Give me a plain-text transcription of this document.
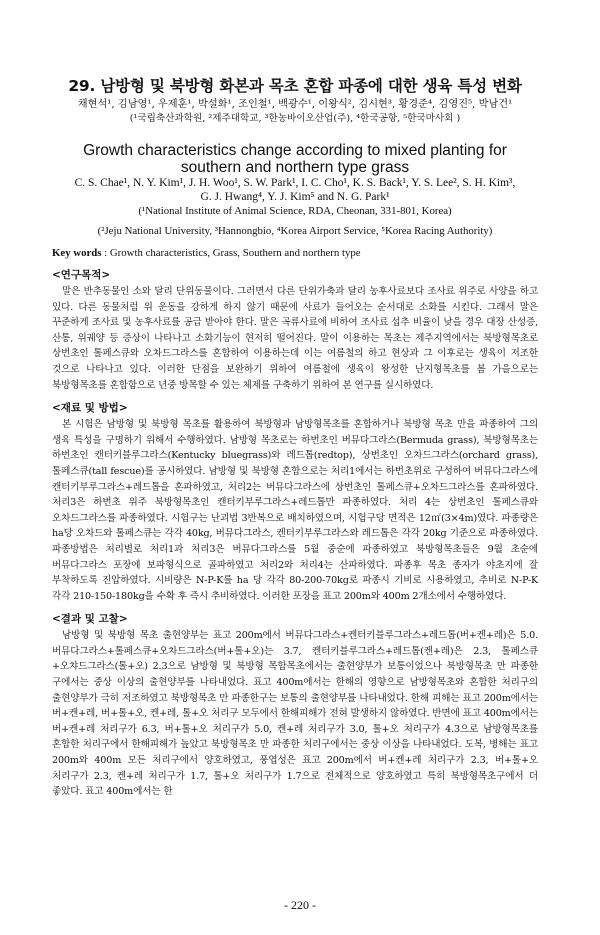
29. 남방형 및 북방형 화본과 목초 혼합 파종에 대한 생육 특성 변화
채현석¹, 김남영¹, 우제훈¹, 박설화¹, 조인철¹, 백광수¹, 이왕식², 김시현³, 황경준⁴, 김영진⁵, 박남건¹
(¹국립축산과학원, ²제주대학교, ³한농바이오산업(주), ⁴한국공항, ⁵한국마사회 )
Growth characteristics change according to mixed planting for
southern and northern type grass
C. S. Chae¹, N. Y. Kim¹, J. H. Woo¹, S. W. Park¹, I. C. Cho¹, K. S. Back¹, Y. S. Lee², S. H. Kim³,
G. J. Hwang⁴, Y. J. Kim⁵ and N. G. Park¹
(¹National Institute of Animal Science, RDA, Cheonan, 331-801, Korea)
(²Jeju National University, ³Hannongbio, ⁴Korea Airport Service, ⁵Korea Racing Authority)
Key words : Growth characteristics, Grass, Southern and northern type
<연구목적>

말은 반추동물인 소와 달리 단위동물이다. 그러면서 다른 단위가축과 달리 농후사료보다 조사료 위주로 사양을 하고 있다. 다른 동물처럼 위 운동을 강하게 하지 않기 때문에 사료가 들어오는 순서대로 소화를 시킨다. 그래서 말은 꾸준하게 조사료 및 농후사료를 공급 받아야 한다. 말은 곡류사료에 비하여 조사료 섭추 비율이 낮을 경우 대장 산성증, 산통, 위궤양 등 증상이 나타나고 소화기능이 현저히 떨어진다. 말이 이용하는 목초는 제주지역에서는 북방형목초로 상번초인 톨페스큐와 오차드그라스를 혼합하여 이용하는데 이는 여름철의 하고 현상과 그 이후로는 생육이 저조한 것으로 나타나고 있다. 이러한 단점을 보완하기 위하여 여름철에 생육이 왕성한 난지형목초를 봄 가을으로는 북방형목초를 혼합함으로 년중 방목할 수 있는 체제를 구축하기 위하여 본 연구를 실시하였다.

<재료 및 방법>

본 시험은 남방형 및 북방형 목초를 활용하여 북방형과 남방형목초를 혼합하거나 북방형 목초 만을 파종하여 그의 생육 특성을 구명하기 위해서 수행하였다. 남방형 목초로는 하번초인 버뮤다그라스(Bermuda grass), 북방형목초는 하번초인 캔터키블루그라스(Kentucky bluegrass)와 레드톱(redtop), 상번초인 오차드그라스(orchard grass), 톨페스큐(tall fescue)를 공시하였다. 남방형 및 북방형 혼합으로는 처리1에서는 하번초위로 구성하여 버뮤다그라스에 캔터키부루그라스+레드톱을 혼파하였고, 처리2는 버뮤다그라스에 상번초인 톨페스큐+오차드그라스를 혼파하였다. 처리3은 하번초 위주 북방형목초인 캔터키부루그라스+레드톱만 파종하였다. 처리 4는 상번초인 톨페스큐와 오차드그라스를 파종하였다. 시험구는 난괴법 3반복으로 배치하였으며, 시험구당 면적은 12㎡(3×4m)였다. 파종량은 ha당 오차드와 톨페스큐는 각각 40kg, 버뮤다그라스, 켄터키부루그라스와 레드톱은 각각 20kg 기준으로 파종하였다. 파종방법은 처리별로 처리1과 처리3은 버뮤다그라스를 5월 중순에 파종하였고 북방형목초들은 9월 초순에 버뮤다그라스 포장에 보파형식으로 골파하였고 처리2와 처리4는 산파하였다. 파종후 목초 종자가 야초지에 잘 부착하도록 진압하였다. 시비량은 N-P-K를 ha 당 각각 80-200-70kg로 파종시 기비로 시용하였고, 추비로 N-P-K 각각 210-150-180kg을 수확 후 즉시 추비하였다. 이러한 포장을 표고 200m와 400m 2개소에서 수행하였다.

<결과 및 고찰>

남방형 및 북방형 목초 출현양부는 표고 200m에서 버뮤다그라스+켄터키블루그라스+레드톱(버+켄+레)은 5.0. 버뮤다그라스+톨페스큐+오차드그라스(버+톨+오)는 3.7, 켄터키블루그라스+레드톱(켄+레)은 2.3, 톨페스큐+오챠드그라스(톨+오) 2.3으로 남방형 및 북방형 목합목초에서는 출현양부가 보통이었으나 북방형목초 만 파종한 구에서는 중상 이상의 출현양부를 나타내었다. 표고 400m에서는 한해의 영향으로 남방형목초와 혼합한 처리구의 출현양부가 극히 저조하였고 북방형목초 만 파종한구는 보통의 출현양부를 나타내었다. 한해 피해는 표고 200m에서는 버+켄+레, 버+톨+오, 켄+레, 톨+오 처리구 모두에서 한해피해가 전혀 발생하지 않하였다. 반면에 표고 400m에서는 버+켄+레 처리구가 6.3, 버+톨+오 처리구가 5.0, 켄+레 처리구가 3.0, 톨+오 처리구가 4.3으로 남방형목초를 혼합한 처리구에서 한해피해가 높았고 북방형목초 만 파종한 처리구에서는 중상 이상을 나타내었다. 도복, 병해는 표고 200m와 400m 모든 처리구에서 양호하였고, 풍엽성은 표고 200m에서 버+켄+레 처리구가 2.3, 버+톨+오 처리구가 2.3, 켄+레 처리구가 1.7, 톨+오 처리구가 1.7으로 전체적으로 양호하였고 특히 북방형목초구에서 더 좋았다. 표고 400m에서는 한

- 220 -
